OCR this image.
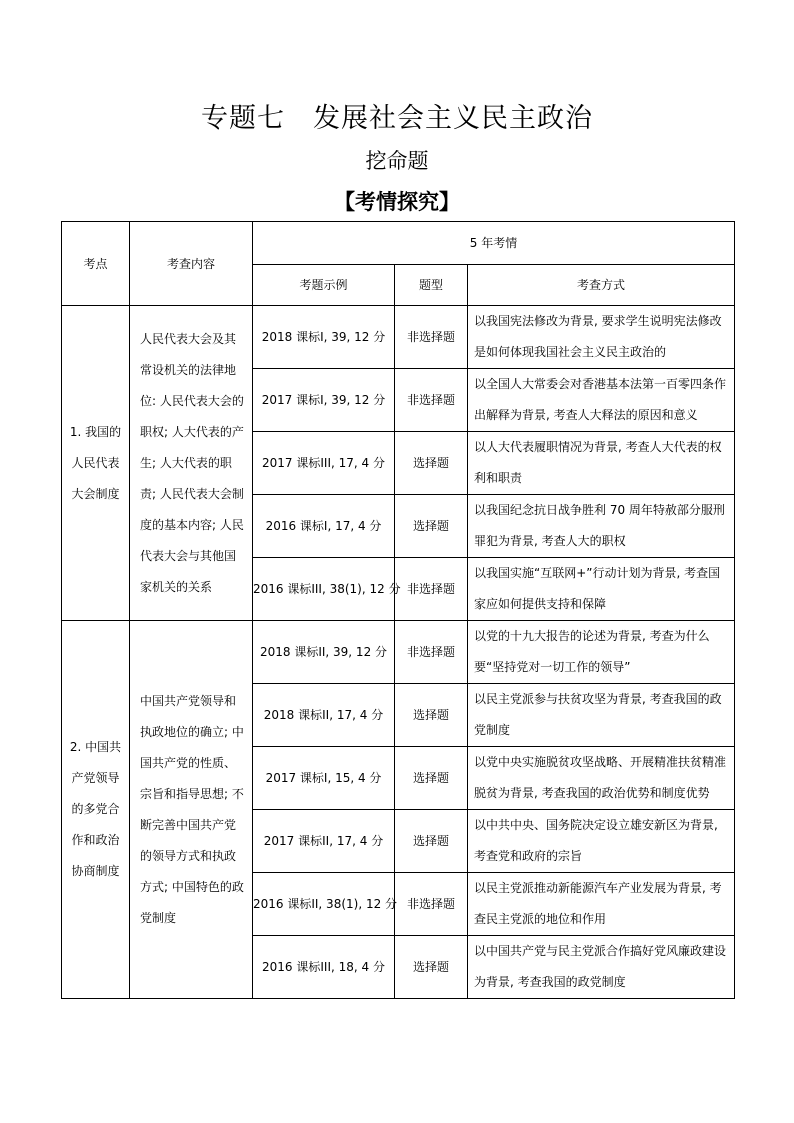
专题七　发展社会主义民主政治
挖命题
【考情探究】
考点	考查内容	5 年考情		
		考题示例	题型	考查方式
1. 我国的人民代表大会制度	人民代表大会及其常设机关的法律地位: 人民代表大会的职权; 人大代表的产生; 人大代表的职责; 人民代表大会制度的基本内容; 人民代表大会与其他国家机关的关系	2018 课标Ⅰ, 39, 12 分	非选择题	以我国宪法修改为背景, 要求学生说明宪法修改是如何体现我国社会主义民主政治的
		2017 课标Ⅰ, 39, 12 分	非选择题	以全国人大常委会对香港基本法第一百零四条作出解释为背景, 考查人大释法的原因和意义
		2017 课标III, 17, 4 分	选择题	以人大代表履职情况为背景, 考查人大代表的权利和职责
		2016 课标Ⅰ, 17, 4 分	选择题	以我国纪念抗日战争胜利 70 周年特赦部分服刑罪犯为背景, 考查人大的职权
		2016 课标III, 38(1), 12 分	非选择题	以我国实施“互联网+”行动计划为背景, 考查国家应如何提供支持和保障
2. 中国共产党领导的多党合作和政治协商制度	中国共产党领导和执政地位的确立; 中国共产党的性质、宗旨和指导思想; 不断完善中国共产党的领导方式和执政方式; 中国特色的政党制度	2018 课标II, 39, 12 分	非选择题	以党的十九大报告的论述为背景, 考查为什么要“坚持党对一切工作的领导”
		2018 课标II, 17, 4 分	选择题	以民主党派参与扶贫攻坚为背景, 考查我国的政党制度
		2017 课标Ⅰ, 15, 4 分	选择题	以党中央实施脱贫攻坚战略、开展精准扶贫精准脱贫为背景, 考查我国的政治优势和制度优势
		2017 课标II, 17, 4 分	选择题	以中共中央、国务院决定设立雄安新区为背景, 考查党和政府的宗旨
		2016 课标II, 38(1), 12 分	非选择题	以民主党派推动新能源汽车产业发展为背景, 考查民主党派的地位和作用
		2016 课标III, 18, 4 分	选择题	以中国共产党与民主党派合作搞好党风廉政建设为背景, 考查我国的政党制度
